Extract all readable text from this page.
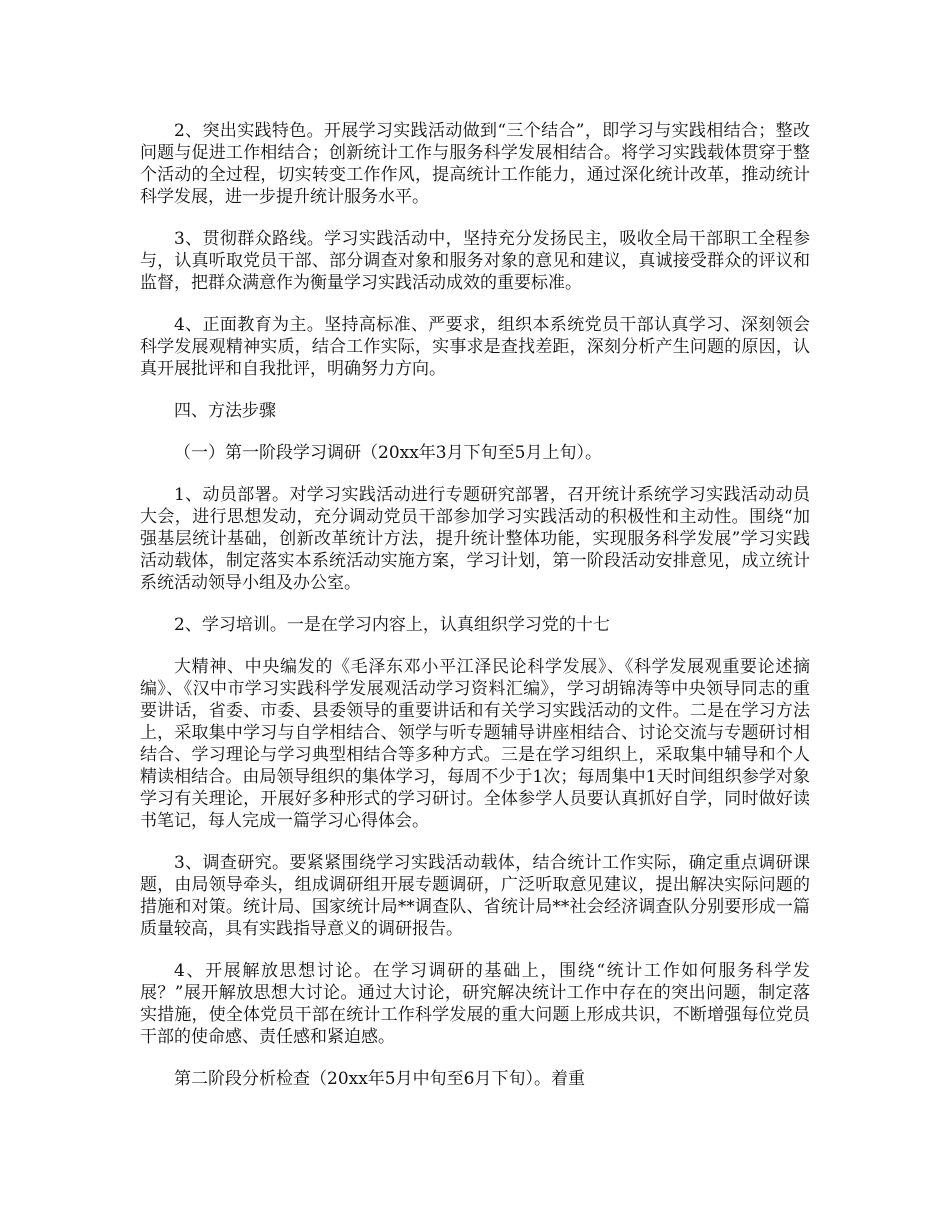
2、突出实践特色。开展学习实践活动做到“三个结合”，即学习与实践相结合；整改问题与促进工作相结合；创新统计工作与服务科学发展相结合。将学习实践载体贯穿于整个活动的全过程，切实转变工作作风，提高统计工作能力，通过深化统计改革，推动统计科学发展，进一步提升统计服务水平。

3、贯彻群众路线。学习实践活动中，坚持充分发扬民主，吸收全局干部职工全程参与，认真听取党员干部、部分调查对象和服务对象的意见和建议，真诚接受群众的评议和监督，把群众满意作为衡量学习实践活动成效的重要标准。

4、正面教育为主。坚持高标准、严要求，组织本系统党员干部认真学习、深刻领会科学发展观精神实质，结合工作实际，实事求是查找差距，深刻分析产生问题的原因，认真开展批评和自我批评，明确努力方向。

四、方法步骤

（一）第一阶段学习调研（20xx年3月下旬至5月上旬）。

1、动员部署。对学习实践活动进行专题研究部署，召开统计系统学习实践活动动员大会，进行思想发动，充分调动党员干部参加学习实践活动的积极性和主动性。围绕“加强基层统计基础，创新改革统计方法，提升统计整体功能，实现服务科学发展”学习实践活动载体，制定落实本系统活动实施方案，学习计划，第一阶段活动安排意见，成立统计系统活动领导小组及办公室。

2、学习培训。一是在学习内容上，认真组织学习党的十七

大精神、中央编发的《毛泽东邓小平江泽民论科学发展》、《科学发展观重要论述摘编》、《汉中市学习实践科学发展观活动学习资料汇编》，学习胡锦涛等中央领导同志的重要讲话，省委、市委、县委领导的重要讲话和有关学习实践活动的文件。二是在学习方法上，采取集中学习与自学相结合、领学与听专题辅导讲座相结合、讨论交流与专题研讨相结合、学习理论与学习典型相结合等多种方式。三是在学习组织上，采取集中辅导和个人精读相结合。由局领导组织的集体学习，每周不少于1次；每周集中1天时间组织参学对象学习有关理论，开展好多种形式的学习研讨。全体参学人员要认真抓好自学，同时做好读书笔记，每人完成一篇学习心得体会。

3、调查研究。要紧紧围绕学习实践活动载体，结合统计工作实际，确定重点调研课题，由局领导牵头，组成调研组开展专题调研，广泛听取意见建议，提出解决实际问题的措施和对策。统计局、国家统计局**调查队、省统计局**社会经济调查队分别要形成一篇质量较高，具有实践指导意义的调研报告。

4、开展解放思想讨论。在学习调研的基础上，围绕“统计工作如何服务科学发展？”展开解放思想大讨论。通过大讨论，研究解决统计工作中存在的突出问题，制定落实措施，使全体党员干部在统计工作科学发展的重大问题上形成共识，不断增强每位党员干部的使命感、责任感和紧迫感。

第二阶段分析检查（20xx年5月中旬至6月下旬）。着重
